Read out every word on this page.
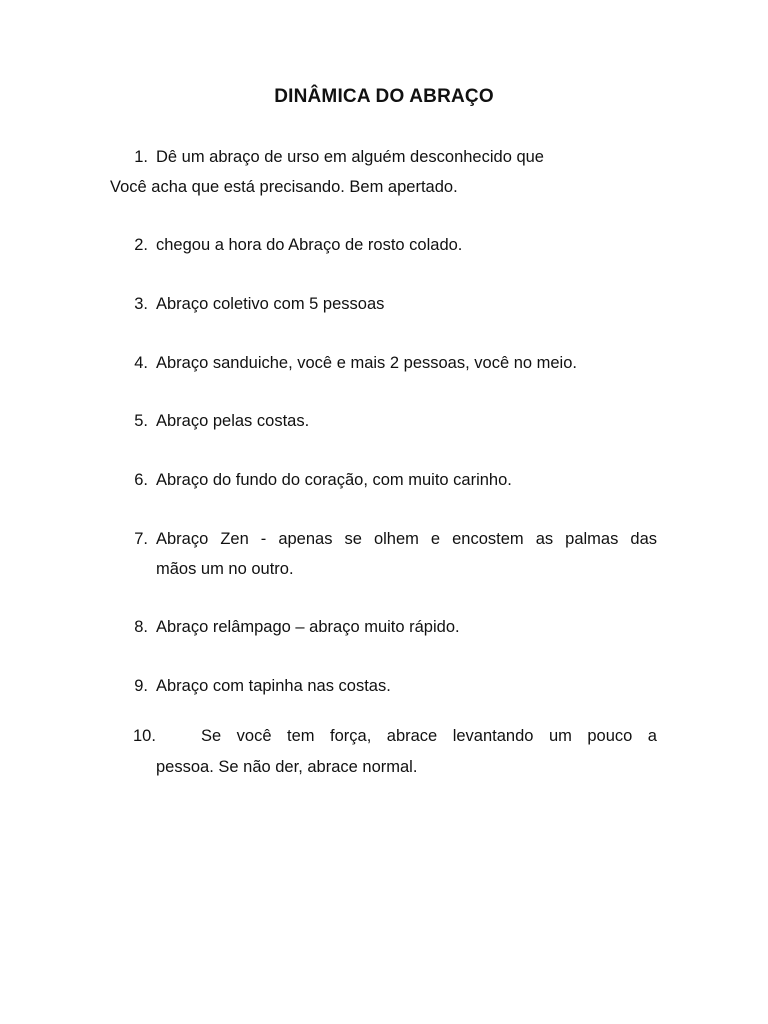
DINÂMICA DO ABRAÇO
1. Dê um abraço de urso em alguém desconhecido que
Você acha que está precisando. Bem apertado.
2. chegou a hora do Abraço de rosto colado.
3. Abraço coletivo com 5 pessoas
4. Abraço sanduiche, você e mais 2 pessoas, você no meio.
5. Abraço pelas costas.
6. Abraço do fundo do coração, com muito carinho.
7. Abraço Zen - apenas se olhem e encostem as palmas das
mãos um no outro.
8. Abraço relâmpago – abraço muito rápido.
9. Abraço com tapinha nas costas.
10.	Se você tem força, abrace levantando um pouco a
pessoa. Se não der, abrace normal.
